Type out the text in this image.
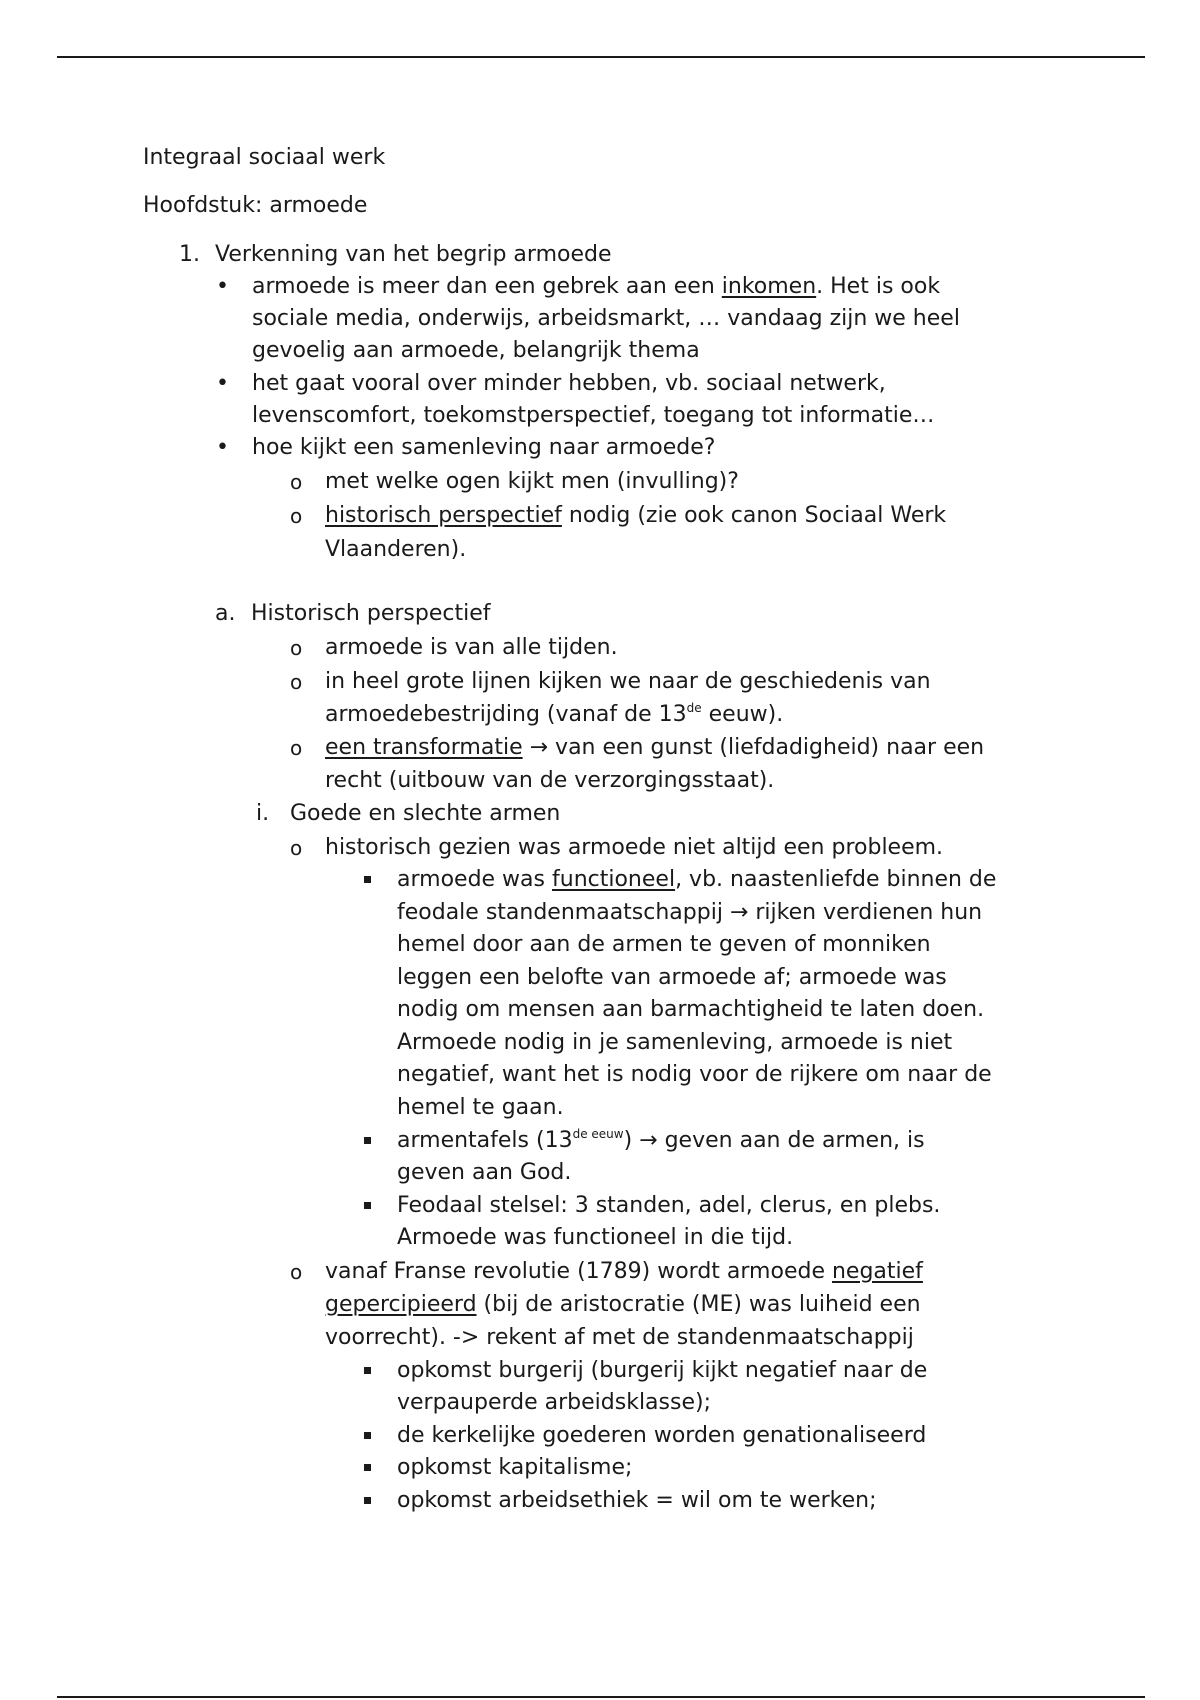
Integraal sociaal werk
Hoofdstuk: armoede
1. Verkenning van het begrip armoede
• armoede is meer dan een gebrek aan een inkomen. Het is ook
sociale media, onderwijs, arbeidsmarkt, … vandaag zijn we heel
gevoelig aan armoede, belangrijk thema
• het gaat vooral over minder hebben, vb. sociaal netwerk,
levenscomfort, toekomstperspectief, toegang tot informatie…
• hoe kijkt een samenleving naar armoede?
o met welke ogen kijkt men (invulling)?
o historisch perspectief nodig (zie ook canon Sociaal Werk
Vlaanderen).
a. Historisch perspectief
o armoede is van alle tijden.
o in heel grote lijnen kijken we naar de geschiedenis van
armoedebestrijding (vanaf de 13de eeuw).
o een transformatie → van een gunst (liefdadigheid) naar een
recht (uitbouw van de verzorgingsstaat).
i. Goede en slechte armen
o historisch gezien was armoede niet altijd een probleem.
armoede was functioneel, vb. naastenliefde binnen de
feodale standenmaatschappij → rijken verdienen hun
hemel door aan de armen te geven of monniken
leggen een belofte van armoede af; armoede was
nodig om mensen aan barmachtigheid te laten doen.
Armoede nodig in je samenleving, armoede is niet
negatief, want het is nodig voor de rijkere om naar de
hemel te gaan.
armentafels $(13^{de eeuw})$ → geven aan de armen, is
geven aan God.
Feodaal stelsel: 3 standen, adel, clerus, en plebs.
Armoede was functioneel in die tijd.
o vanaf Franse revolutie (1789) wordt armoede negatief
gepercipieerd (bij de aristocratie (ME) was luiheid een
voorrecht). -> rekent af met de standenmaatschappij
opkomst burgerij (burgerij kijkt negatief naar de
verpauperde arbeidsklasse);
de kerkelijke goederen worden genationaliseerd
opkomst kapitalisme;
opkomst arbeidsethiek = wil om te werken;
